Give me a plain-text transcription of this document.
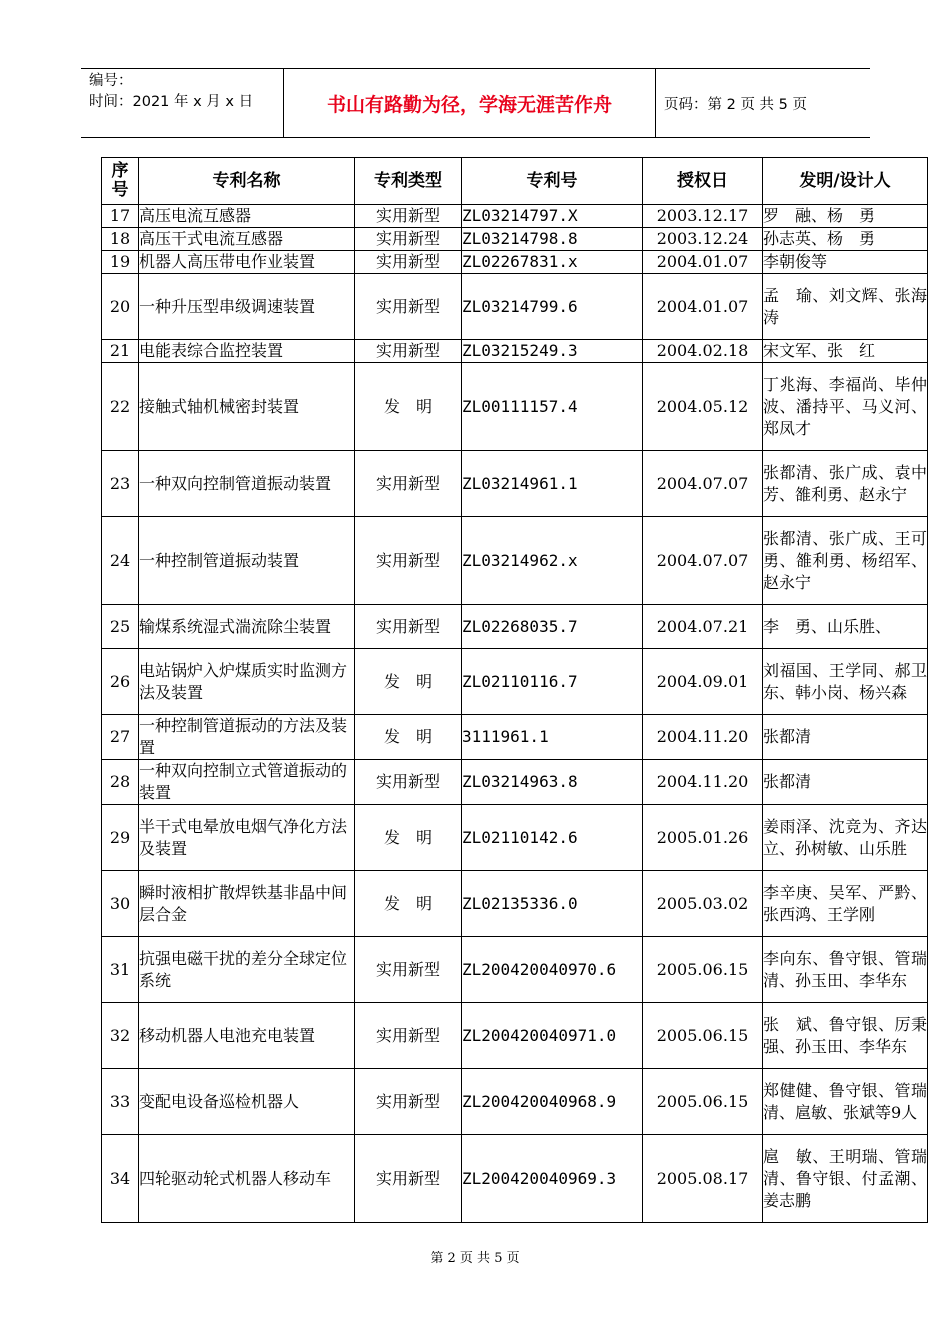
编号：
时间：2021 年 x 月 x 日	书山有路勤为径，学海无涯苦作舟	页码：第 2 页 共 5 页
序号	专利名称	专利类型	专利号	授权日	发明/设计人
17	高压电流互感器	实用新型	ZL03214797.X	2003.12.17	罗　融、杨　勇
18	高压干式电流互感器	实用新型	ZL03214798.8	2003.12.24	孙志英、杨　勇
19	机器人高压带电作业装置	实用新型	ZL02267831.x	2004.01.07	李朝俊等
20	一种升压型串级调速装置	实用新型	ZL03214799.6	2004.01.07	孟　瑜、刘文辉、张海涛
21	电能表综合监控装置	实用新型	ZL03215249.3	2004.02.18	宋文军、张　红
22	接触式轴机械密封装置	发　明	ZL00111157.4	2004.05.12	丁兆海、李福尚、毕仲波、潘持平、马义河、郑凤才
23	一种双向控制管道振动装置	实用新型	ZL03214961.1	2004.07.07	张都清、张广成、袁中芳、雒利勇、赵永宁
24	一种控制管道振动装置	实用新型	ZL03214962.x	2004.07.07	张都清、张广成、王可勇、雒利勇、杨绍军、赵永宁
25	输煤系统湿式湍流除尘装置	实用新型	ZL02268035.7	2004.07.21	李　勇、山乐胜、
26	电站锅炉入炉煤质实时监测方法及装置	发　明	ZL02110116.7	2004.09.01	刘福国、王学同、郝卫东、韩小岗、杨兴森
27	一种控制管道振动的方法及装置	发　明	3111961.1	2004.11.20	张都清
28	一种双向控制立式管道振动的装置	实用新型	ZL03214963.8	2004.11.20	张都清
29	半干式电晕放电烟气净化方法及装置	发　明	ZL02110142.6	2005.01.26	姜雨泽、沈竞为、齐达立、孙树敏、山乐胜
30	瞬时液相扩散焊铁基非晶中间层合金	发　明	ZL02135336.0	2005.03.02	李辛庚、吴军、严黔、张西鸿、王学刚
31	抗强电磁干扰的差分全球定位系统	实用新型	ZL200420040970.6	2005.06.15	李向东、鲁守银、管瑞清、孙玉田、李华东
32	移动机器人电池充电装置	实用新型	ZL200420040971.0	2005.06.15	张　斌、鲁守银、厉秉强、孙玉田、李华东
33	变配电设备巡检机器人	实用新型	ZL200420040968.9	2005.06.15	郑健健、鲁守银、管瑞清、扈敏、张斌等9人
34	四轮驱动轮式机器人移动车	实用新型	ZL200420040969.3	2005.08.17	扈　敏、王明瑞、管瑞清、鲁守银、付孟潮、姜志鹏
第 2 页 共 5 页
